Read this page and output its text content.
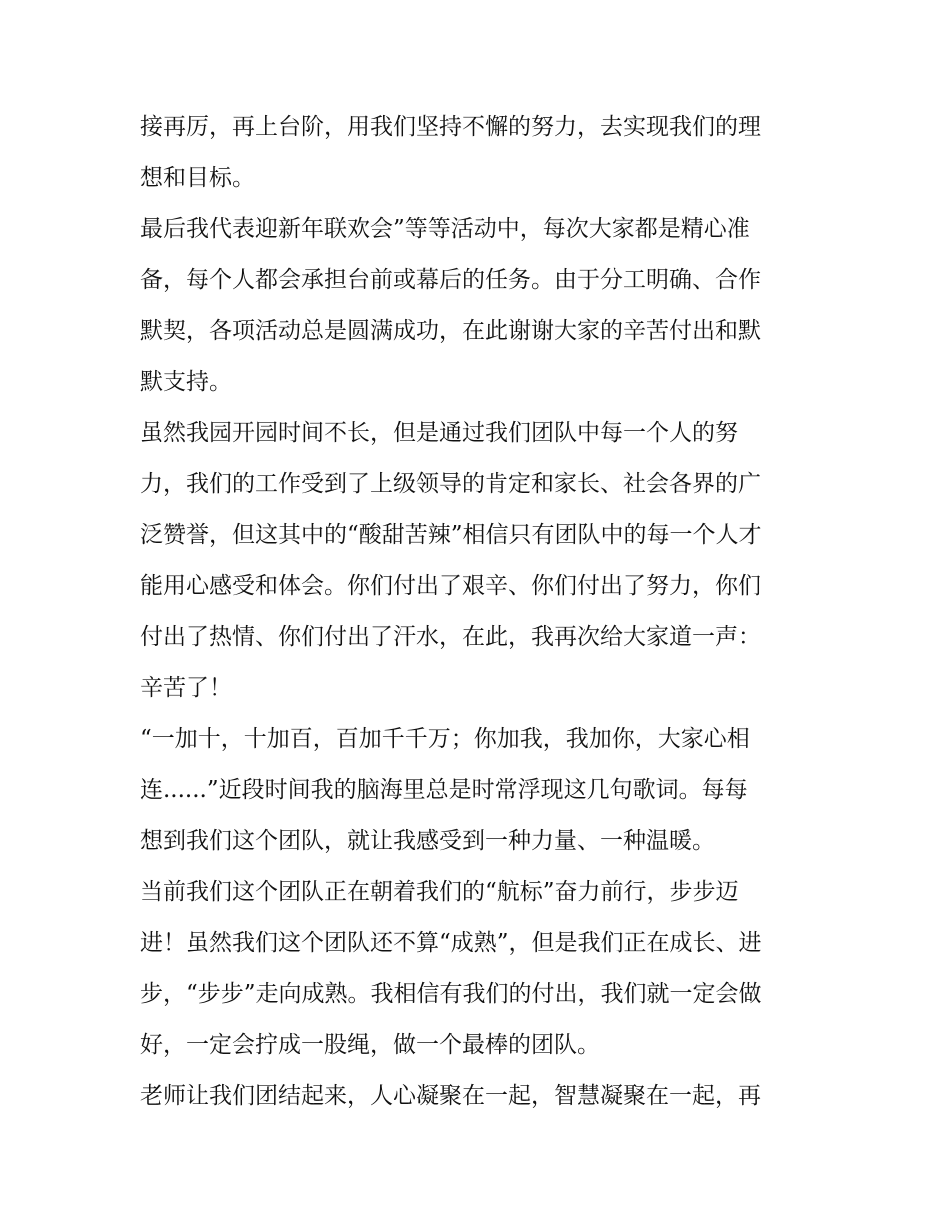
接再厉，再上台阶，用我们坚持不懈的努力，去实现我们的理
想和目标。
最后我代表迎新年联欢会”等等活动中，每次大家都是精心准
备，每个人都会承担台前或幕后的任务。由于分工明确、合作
默契，各项活动总是圆满成功，在此谢谢大家的辛苦付出和默
默支持。
虽然我园开园时间不长，但是通过我们团队中每一个人的努
力，我们的工作受到了上级领导的肯定和家长、社会各界的广
泛赞誉，但这其中的“酸甜苦辣”相信只有团队中的每一个人才
能用心感受和体会。你们付出了艰辛、你们付出了努力，你们
付出了热情、你们付出了汗水，在此，我再次给大家道一声：
辛苦了！
“一加十，十加百，百加千千万；你加我，我加你，大家心相
连......”近段时间我的脑海里总是时常浮现这几句歌词。每每
想到我们这个团队，就让我感受到一种力量、一种温暖。
当前我们这个团队正在朝着我们的“航标”奋力前行，步步迈
进！虽然我们这个团队还不算“成熟”，但是我们正在成长、进
步，“步步”走向成熟。我相信有我们的付出，我们就一定会做
好，一定会拧成一股绳，做一个最棒的团队。
老师让我们团结起来，人心凝聚在一起，智慧凝聚在一起，再
